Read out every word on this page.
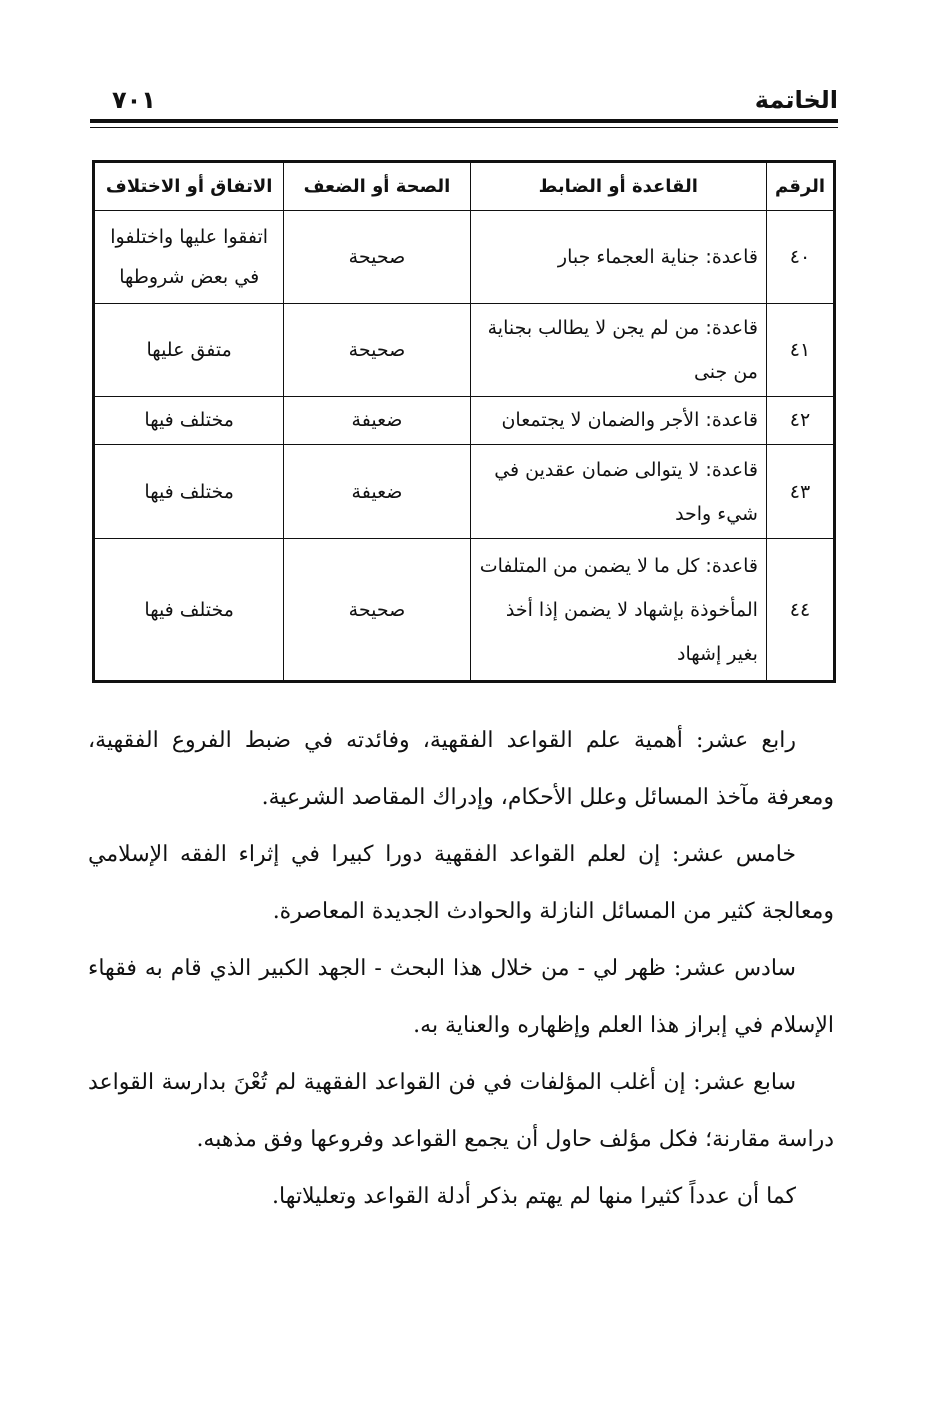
الخاتمة
٧٠١
الرقم	القاعدة أو الضابط	الصحة أو الضعف	الاتفاق أو الاختلاف
٤٠	قاعدة: جناية العجماء جبار	صحيحة	اتفقوا عليها واختلفوا في بعض شروطها
٤١	قاعدة: من لم يجن لا يطالب بجناية من جنى	صحيحة	متفق عليها
٤٢	قاعدة: الأجر والضمان لا يجتمعان	ضعيفة	مختلف فيها
٤٣	قاعدة: لا يتوالى ضمان عقدين في شيء واحد	ضعيفة	مختلف فيها
٤٤	قاعدة: كل ما لا يضمن من المتلفات المأخوذة بإشهاد لا يضمن إذا أخذ بغير إشهاد	صحيحة	مختلف فيها

رابع عشر: أهمية علم القواعد الفقهية، وفائدته في ضبط الفروع الفقهية، ومعرفة مآخذ المسائل وعلل الأحكام، وإدراك المقاصد الشرعية.

خامس عشر: إن لعلم القواعد الفقهية دورا كبيرا في إثراء الفقه الإسلامي ومعالجة كثير من المسائل النازلة والحوادث الجديدة المعاصرة.

سادس عشر: ظهر لي - من خلال هذا البحث - الجهد الكبير الذي قام به فقهاء الإسلام في إبراز هذا العلم وإظهاره والعناية به.

سابع عشر: إن أغلب المؤلفات في فن القواعد الفقهية لم تُعْنَ بدارسة القواعد دراسة مقارنة؛ فكل مؤلف حاول أن يجمع القواعد وفروعها وفق مذهبه.

كما أن عدداً كثيرا منها لم يهتم بذكر أدلة القواعد وتعليلاتها.
